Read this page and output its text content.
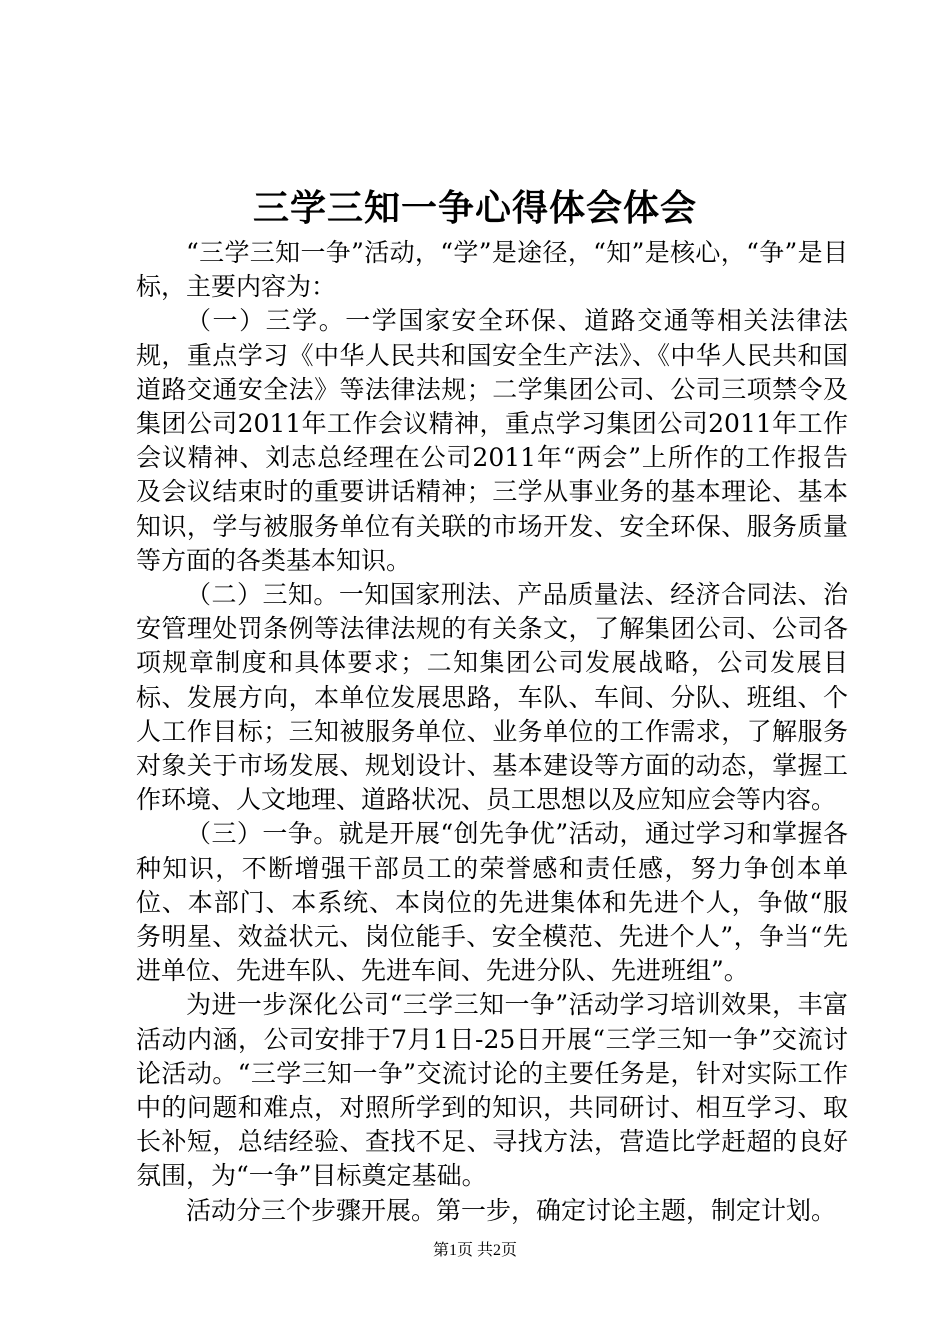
三学三知一争心得体会体会

“三学三知一争”活动，“学”是途径，“知”是核心，“争”是目标，主要内容为：

（一）三学。一学国家安全环保、道路交通等相关法律法规，重点学习《中华人民共和国安全生产法》、《中华人民共和国道路交通安全法》等法律法规；二学集团公司、公司三项禁令及集团公司2011年工作会议精神，重点学习集团公司2011年工作会议精神、刘志总经理在公司2011年“两会”上所作的工作报告及会议结束时的重要讲话精神；三学从事业务的基本理论、基本知识，学与被服务单位有关联的市场开发、安全环保、服务质量等方面的各类基本知识。

（二）三知。一知国家刑法、产品质量法、经济合同法、治安管理处罚条例等法律法规的有关条文，了解集团公司、公司各项规章制度和具体要求；二知集团公司发展战略，公司发展目标、发展方向，本单位发展思路，车队、车间、分队、班组、个人工作目标；三知被服务单位、业务单位的工作需求，了解服务对象关于市场发展、规划设计、基本建设等方面的动态，掌握工作环境、人文地理、道路状况、员工思想以及应知应会等内容。

（三）一争。就是开展“创先争优”活动，通过学习和掌握各种知识，不断增强干部员工的荣誉感和责任感，努力争创本单位、本部门、本系统、本岗位的先进集体和先进个人，争做“服务明星、效益状元、岗位能手、安全模范、先进个人”，争当“先进单位、先进车队、先进车间、先进分队、先进班组”。

为进一步深化公司“三学三知一争”活动学习培训效果，丰富活动内涵，公司安排于7月1日-25日开展“三学三知一争”交流讨论活动。“三学三知一争”交流讨论的主要任务是，针对实际工作中的问题和难点，对照所学到的知识，共同研讨、相互学习、取长补短，总结经验、查找不足、寻找方法，营造比学赶超的良好氛围，为“一争”目标奠定基础。

活动分三个步骤开展。第一步，确定讨论主题，制定计划。

第1页 共2页
